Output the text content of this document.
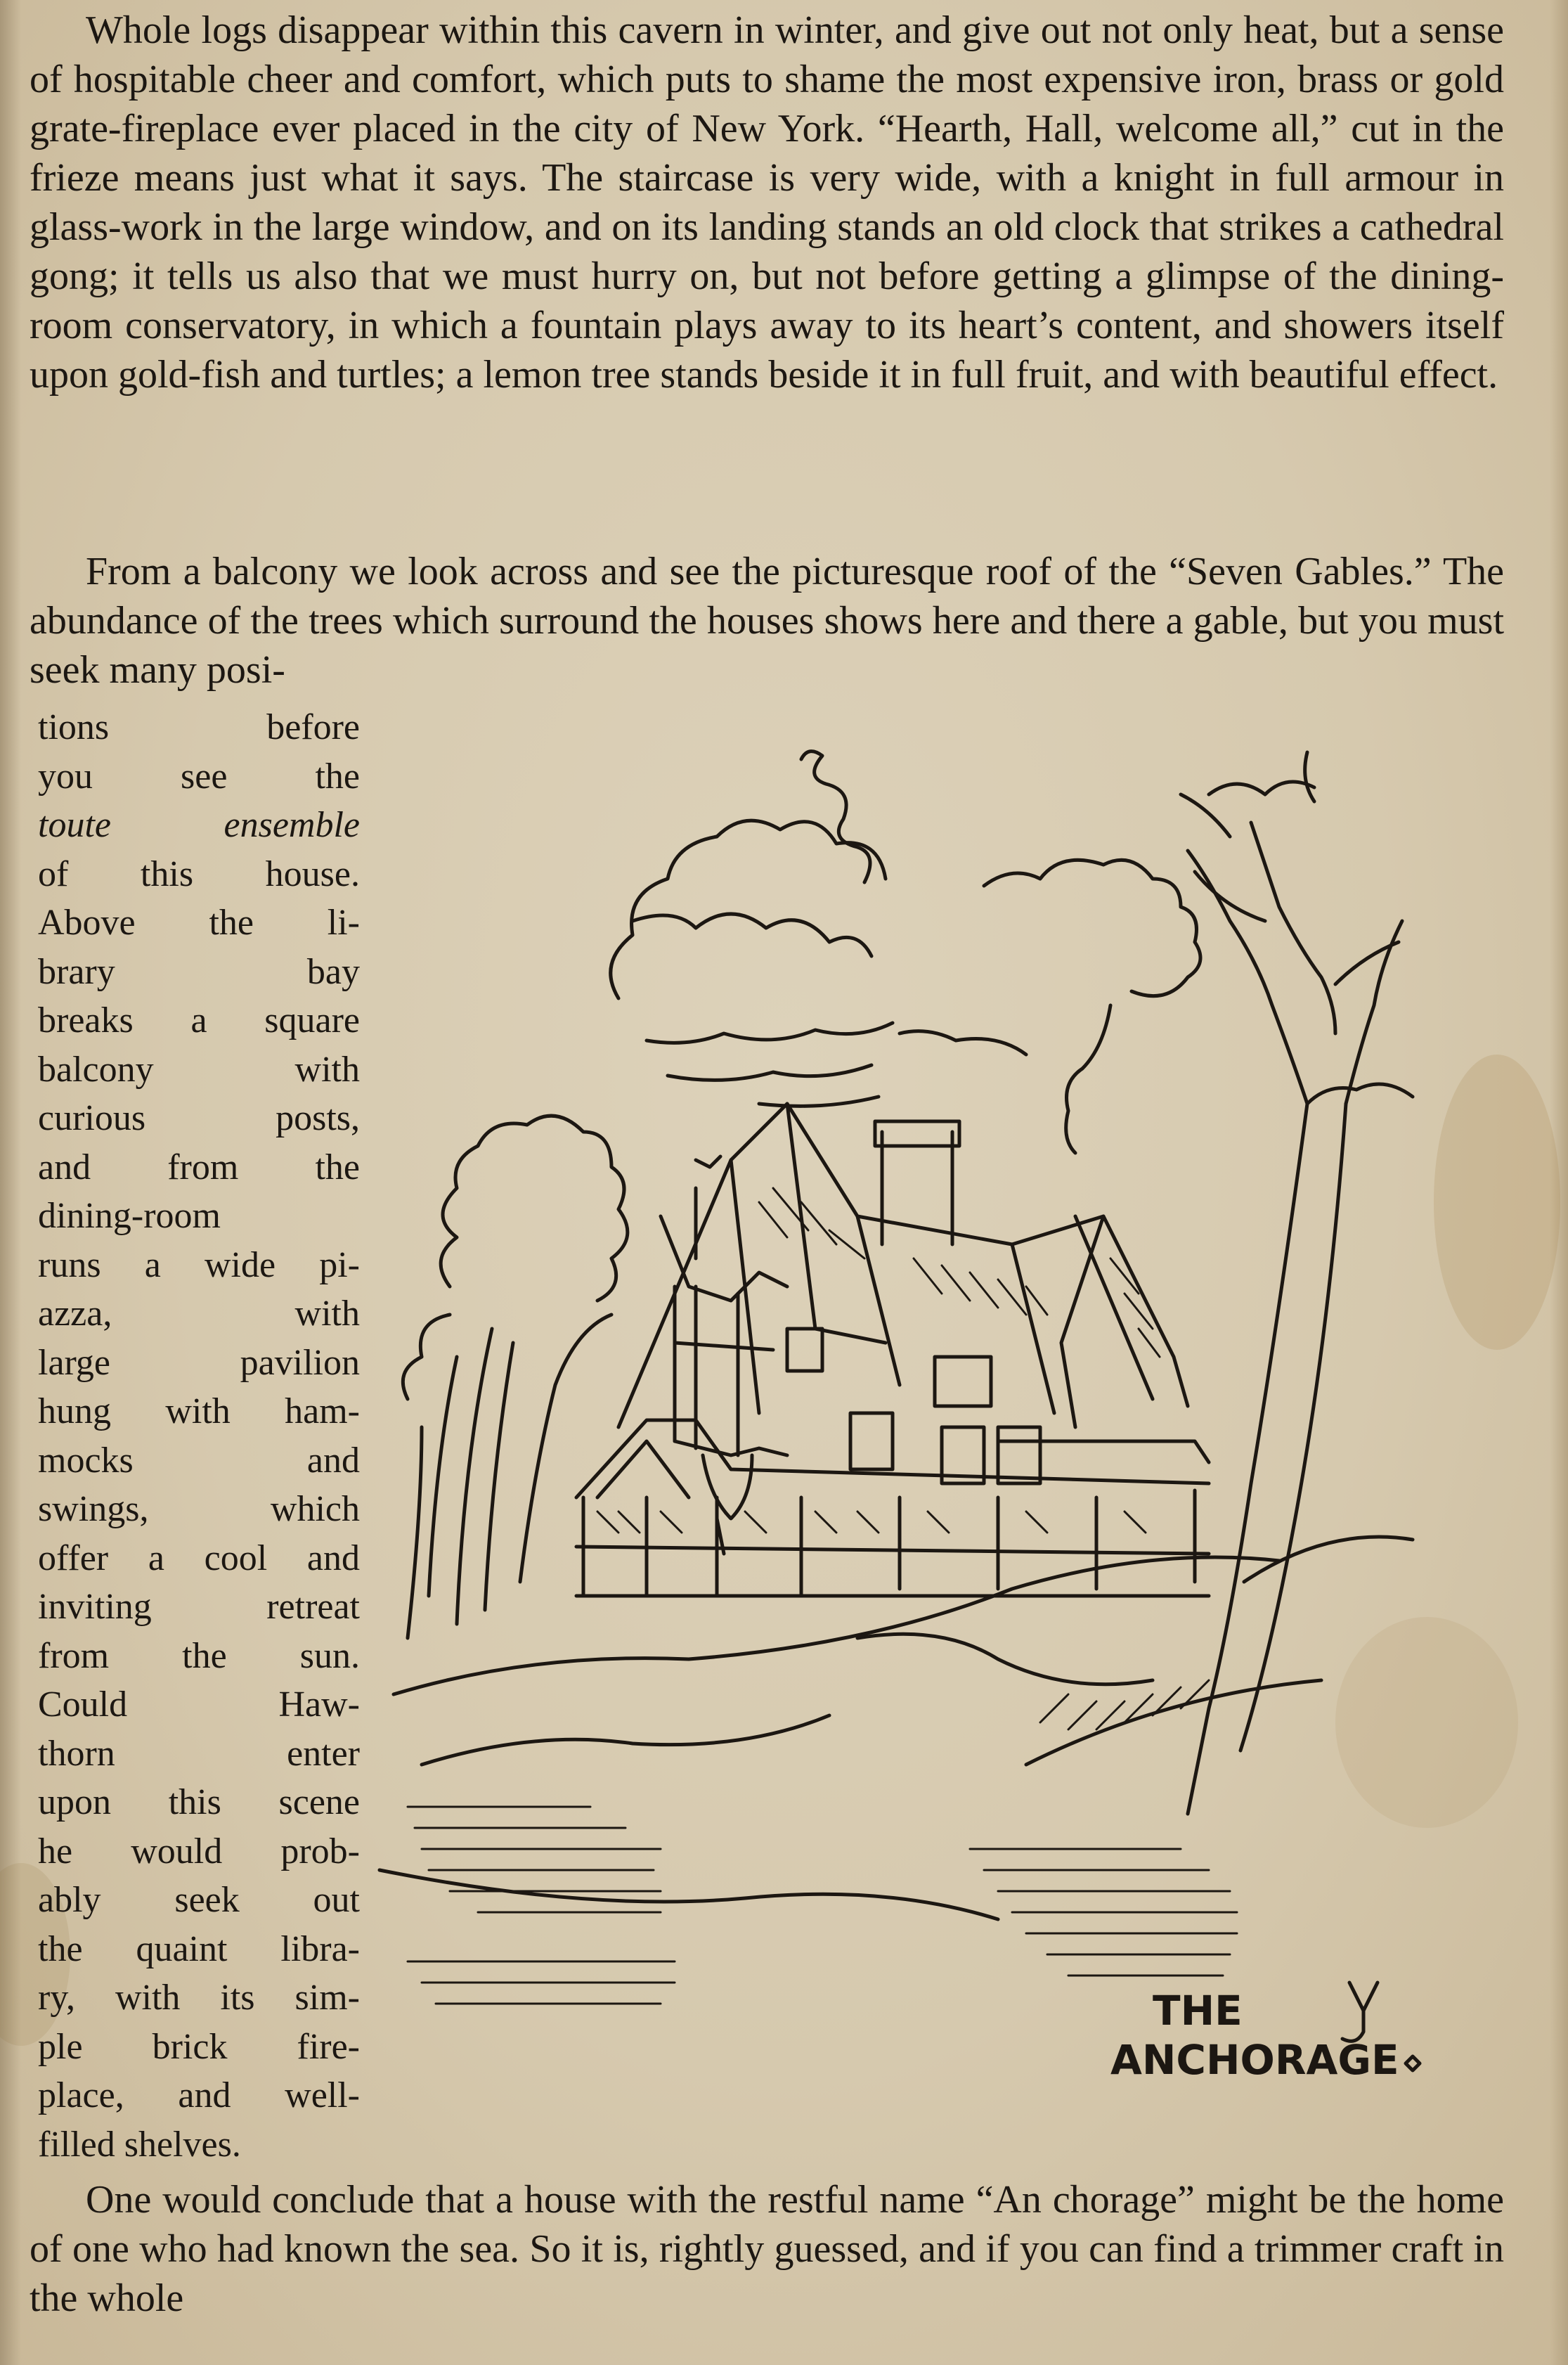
Whole logs disappear within this cavern in winter, and give out not only heat, but a sense of hospitable cheer and comfort, which puts to shame the most expensive iron, brass or gold grate-fireplace ever placed in the city of New York. “Hearth, Hall, welcome all,” cut in the frieze means just what it says. The staircase is very wide, with a knight in full armour in glass-work in the large window, and on its landing stands an old clock that strikes a cathedral gong; it tells us also that we must hurry on, but not before getting a glimpse of the dining-room conservatory, in which a fountain plays away to its heart’s content, and showers itself upon gold-fish and turtles; a lemon tree stands beside it in full fruit, and with beautiful effect.

From a balcony we look across and see the picturesque roof of the “Seven Gables.” The abundance of the trees which surround the houses shows here and there a gable, but you must seek many posi-

tions before
you see the
toute ensemble
of this house.
Above the li-
brary bay
breaks a square
balcony with
curious posts,
and from the
dining-room
runs a wide pi-
azza, with
large pavilion
hung with ham-
mocks and
swings, which
offer a cool and
inviting retreat
from the sun.
Could Haw-
thorn enter
upon this scene
he would prob-
ably seek out
the quaint libra-
ry, with its sim-
ple brick fire-
place, and well-
filled shelves.
THE
ANCHORAGE

One would conclude that a house with the restful name “An chorage” might be the home of one who had known the sea. So it is, rightly guessed, and if you can find a trimmer craft in the whole
